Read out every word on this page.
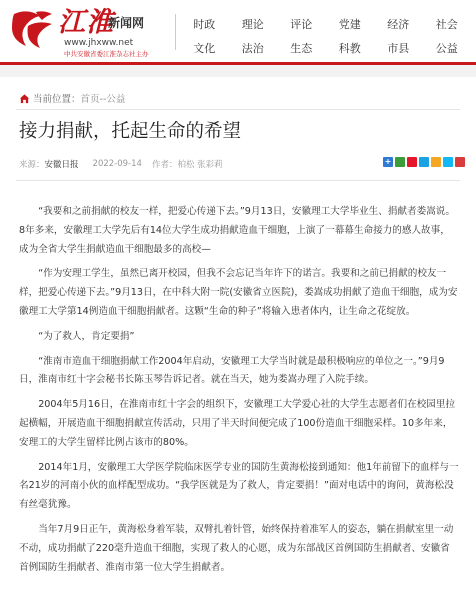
江淮
新闻网
www.jhxww.net
中共安徽省委江淮杂志社主办
时政	理论	评论	党建	经济	社会
文化	法治	生态	科教	市县	公益
当前位置： 首页--公益
接力捐献，托起生命的希望
来源： 安徽日报 2022-09-14 作者： 柏松 张彩莉	+

“我要和之前捐献的校友一样，把爱心传递下去。”9月13日，安徽理工大学毕业生、捐献者娄嵩说。8年多来，安徽理工大学先后有14位大学生成功捐献造血干细胞，上演了一幕幕生命接力的感人故事，成为全省大学生捐献造血干细胞最多的高校—

“作为安理工学生，虽然已离开校园，但我不会忘记当年许下的诺言。我要和之前已捐献的校友一样，把爱心传递下去。”9月13日，在中科大附一院(安徽省立医院)，娄嵩成功捐献了造血干细胞，成为安徽理工大学第14例造血干细胞捐献者。这颗“生命的种子”将输入患者体内，让生命之花绽放。

“为了救人，肯定要捐”

“淮南市造血干细胞捐献工作2004年启动，安徽理工大学当时就是最积极响应的单位之一。”9月9日，淮南市红十字会秘书长陈玉琴告诉记者。就在当天，她为娄嵩办理了入院手续。

2004年5月16日，在淮南市红十字会的组织下，安徽理工大学爱心社的大学生志愿者们在校园里拉起横幅，开展造血干细胞捐献宣传活动，只用了半天时间便完成了100份造血干细胞采样。10多年来，安理工的大学生留样比例占该市的80%。

2014年1月，安徽理工大学医学院临床医学专业的国防生黄海松接到通知：他1年前留下的血样与一名21岁的河南小伙的血样配型成功。“我学医就是为了救人，肯定要捐！”面对电话中的询问，黄海松没有丝毫犹豫。

当年7月9日正午，黄海松身着军装，双臂扎着针管，始终保持着准军人的姿态，躺在捐献室里一动不动，成功捐献了220毫升造血干细胞，实现了救人的心愿，成为东部战区首例国防生捐献者、安徽省首例国防生捐献者、淮南市第一位大学生捐献者。
